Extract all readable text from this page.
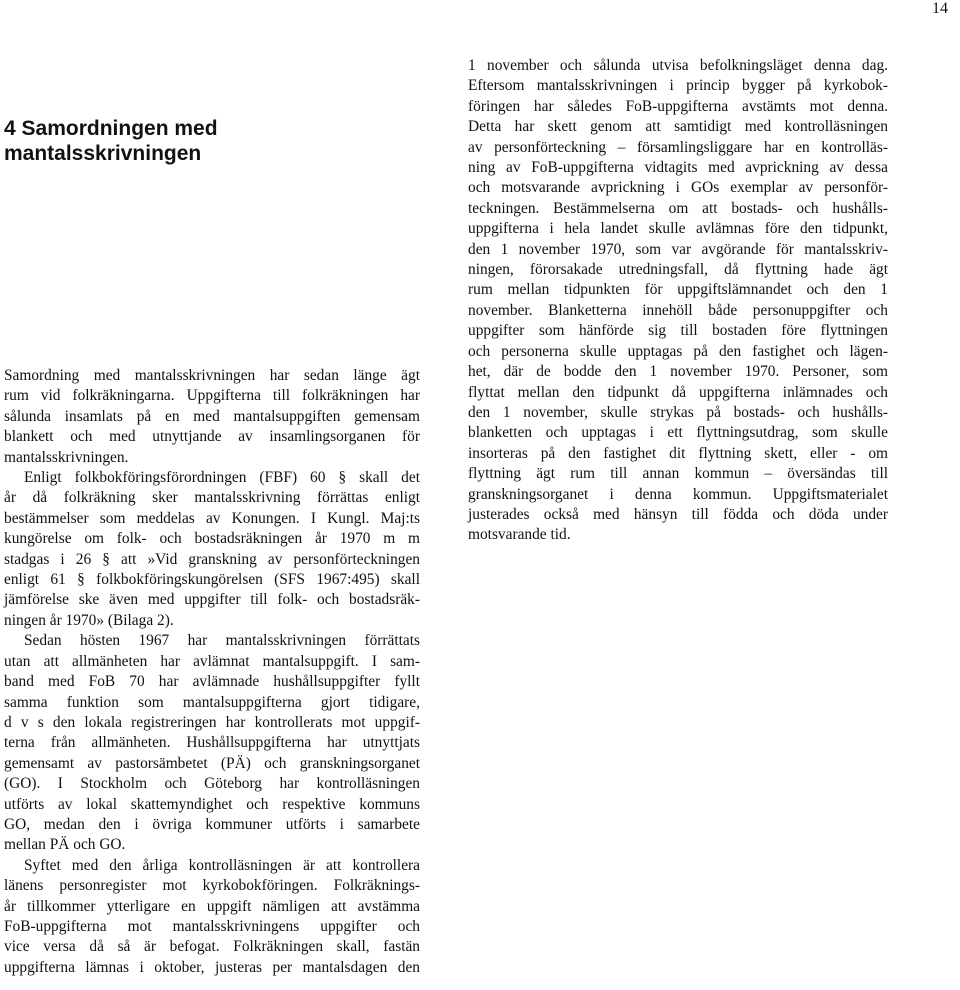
14
4 Samordningen med
mantalsskrivningen
Samordning med mantalsskrivningen har sedan länge ägt
rum vid folkräkningarna. Uppgifterna till folkräkningen har
sålunda insamlats på en med mantalsuppgiften gemensam
blankett och med utnyttjande av insamlingsorganen för
mantalsskrivningen.
Enligt folkbokföringsförordningen (FBF) 60 § skall det
år då folkräkning sker mantalsskrivning förrättas enligt
bestämmelser som meddelas av Konungen. I Kungl. Maj:ts
kungörelse om folk- och bostadsräkningen år 1970 m m
stadgas i 26 § att »Vid granskning av personförteckningen
enligt 61 § folkbokföringskungörelsen (SFS 1967:495) skall
jämförelse ske även med uppgifter till folk- och bostadsräk-
ningen år 1970» (Bilaga 2).
Sedan hösten 1967 har mantalsskrivningen förrättats
utan att allmänheten har avlämnat mantalsuppgift. I sam-
band med FoB 70 har avlämnade hushållsuppgifter fyllt
samma funktion som mantalsuppgifterna gjort tidigare,
d v s den lokala registreringen har kontrollerats mot uppgif-
terna från allmänheten. Hushållsuppgifterna har utnyttjats
gemensamt av pastorsämbetet (PÄ) och granskningsorganet
(GO). I Stockholm och Göteborg har kontrolläsningen
utförts av lokal skattemyndighet och respektive kommuns
GO, medan den i övriga kommuner utförts i samarbete
mellan PÄ och GO.
Syftet med den årliga kontrolläsningen är att kontrollera
länens personregister mot kyrkobokföringen. Folkräknings-
år tillkommer ytterligare en uppgift nämligen att avstämma
FoB-uppgifterna mot mantalsskrivningens uppgifter och
vice versa då så är befogat. Folkräkningen skall, fastän
uppgifterna lämnas i oktober, justeras per mantalsdagen den
1 november och sålunda utvisa befolkningsläget denna dag.
Eftersom mantalsskrivningen i princip bygger på kyrkobok-
föringen har således FoB-uppgifterna avstämts mot denna.
Detta har skett genom att samtidigt med kontrolläsningen
av personförteckning – församlingsliggare har en kontrolläs-
ning av FoB-uppgifterna vidtagits med avprickning av dessa
och motsvarande avprickning i GOs exemplar av personför-
teckningen. Bestämmelserna om att bostads- och hushålls-
uppgifterna i hela landet skulle avlämnas före den tidpunkt,
den 1 november 1970, som var avgörande för mantalsskriv-
ningen, förorsakade utredningsfall, då flyttning hade ägt
rum mellan tidpunkten för uppgiftslämnandet och den 1
november. Blanketterna innehöll både personuppgifter och
uppgifter som hänförde sig till bostaden före flyttningen
och personerna skulle upptagas på den fastighet och lägen-
het, där de bodde den 1 november 1970. Personer, som
flyttat mellan den tidpunkt då uppgifterna inlämnades och
den 1 november, skulle strykas på bostads- och hushålls-
blanketten och upptagas i ett flyttningsutdrag, som skulle
insorteras på den fastighet dit flyttning skett, eller - om
flyttning ägt rum till annan kommun – översändas till
granskningsorganet i denna kommun. Uppgiftsmaterialet
justerades också med hänsyn till födda och döda under
motsvarande tid.
